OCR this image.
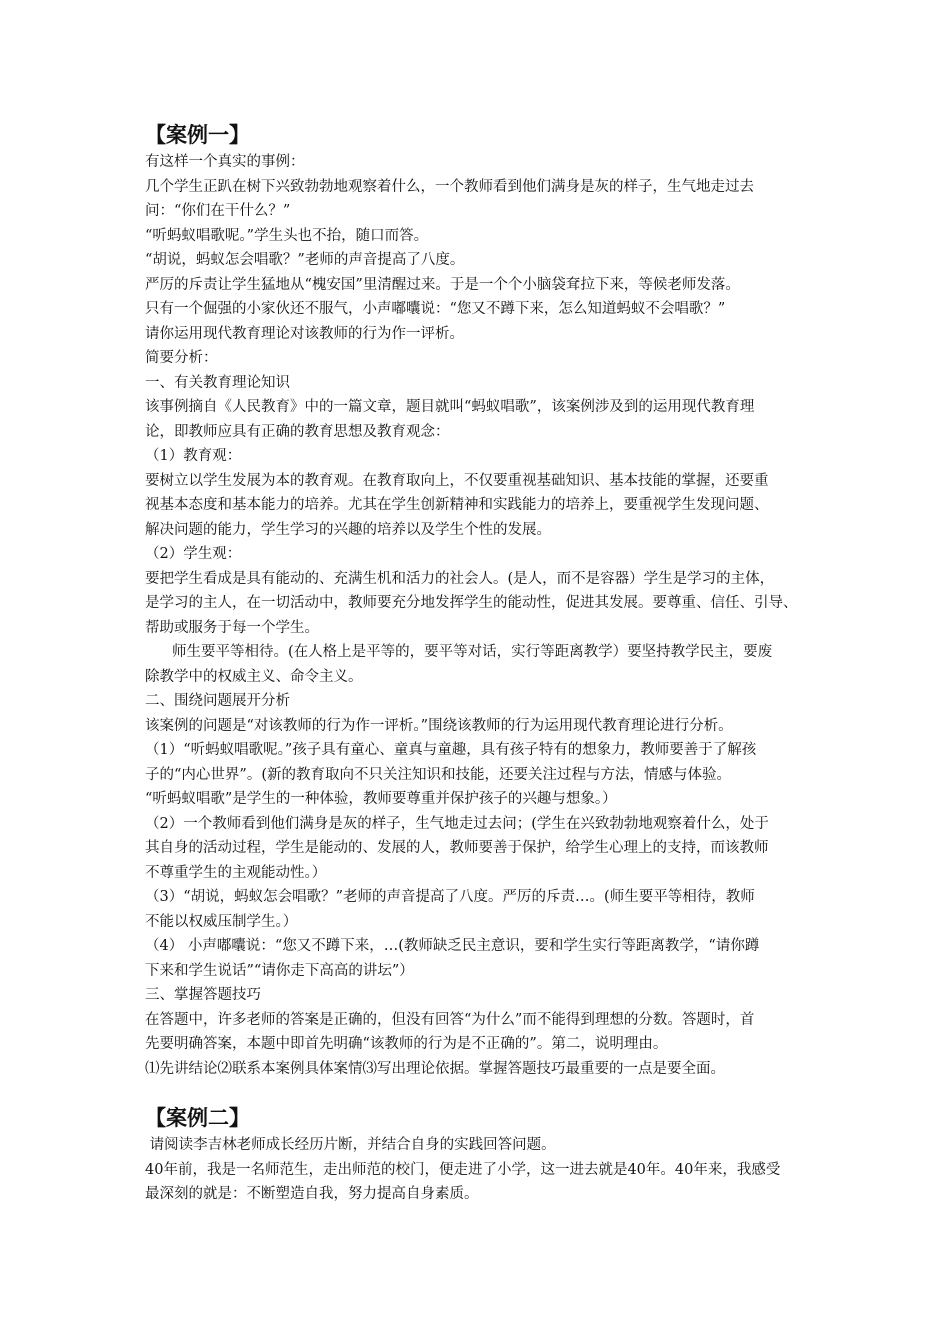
【案例一】
有这样一个真实的事例：
几个学生正趴在树下兴致勃勃地观察着什么，一个教师看到他们满身是灰的样子，生气地走过去
问：“你们在干什么？”
“听蚂蚁唱歌呢。”学生头也不抬，随口而答。
“胡说，蚂蚁怎会唱歌？”老师的声音提高了八度。
严厉的斥责让学生猛地从“槐安国”里清醒过来。于是一个个小脑袋耷拉下来，等候老师发落。
只有一个倔强的小家伙还不服气，小声嘟囔说：“您又不蹲下来，怎么知道蚂蚁不会唱歌？”
请你运用现代教育理论对该教师的行为作一评析。
简要分析：
一、有关教育理论知识
该事例摘自《人民教育》中的一篇文章，题目就叫“蚂蚁唱歌”，该案例涉及到的运用现代教育理
论，即教师应具有正确的教育思想及教育观念：
（1）教育观：
要树立以学生发展为本的教育观。在教育取向上，不仅要重视基础知识、基本技能的掌握，还要重
视基本态度和基本能力的培养。尤其在学生创新精神和实践能力的培养上，要重视学生发现问题、
解决问题的能力，学生学习的兴趣的培养以及学生个性的发展。
（2）学生观：
要把学生看成是具有能动的、充满生机和活力的社会人。(是人，而不是容器）学生是学习的主体，
是学习的主人，在一切活动中，教师要充分地发挥学生的能动性，促进其发展。要尊重、信任、引导、
帮助或服务于每一个学生。
师生要平等相待。(在人格上是平等的，要平等对话，实行等距离教学）要坚持教学民主，要废
除教学中的权威主义、命令主义。
二、围绕问题展开分析
该案例的问题是“对该教师的行为作一评析。”围绕该教师的行为运用现代教育理论进行分析。
（1）“听蚂蚁唱歌呢。”孩子具有童心、童真与童趣，具有孩子特有的想象力，教师要善于了解孩
子的“内心世界”。(新的教育取向不只关注知识和技能，还要关注过程与方法，情感与体验。
“听蚂蚁唱歌”是学生的一种体验，教师要尊重并保护孩子的兴趣与想象。）
（2）一个教师看到他们满身是灰的样子，生气地走过去问；(学生在兴致勃勃地观察着什么，处于
其自身的活动过程，学生是能动的、发展的人，教师要善于保护，给学生心理上的支持，而该教师
不尊重学生的主观能动性。）
（3）“胡说，蚂蚁怎会唱歌？”老师的声音提高了八度。严厉的斥责…。(师生要平等相待，教师
不能以权威压制学生。）
（4） 小声嘟囔说：“您又不蹲下来，…(教师缺乏民主意识，要和学生实行等距离教学，“请你蹲
下来和学生说话”“请你走下高高的讲坛”）
三、掌握答题技巧
在答题中，许多老师的答案是正确的，但没有回答“为什么”而不能得到理想的分数。答题时，首
先要明确答案，本题中即首先明确“该教师的行为是不正确的”。第二，说明理由。
⑴先讲结论⑵联系本案例具体案情⑶写出理论依据。掌握答题技巧最重要的一点是要全面。
【案例二】
请阅读李吉林老师成长经历片断，并结合自身的实践回答问题。
40年前，我是一名师范生，走出师范的校门，便走进了小学，这一进去就是40年。40年来，我感受
最深刻的就是：不断塑造自我，努力提高自身素质。
